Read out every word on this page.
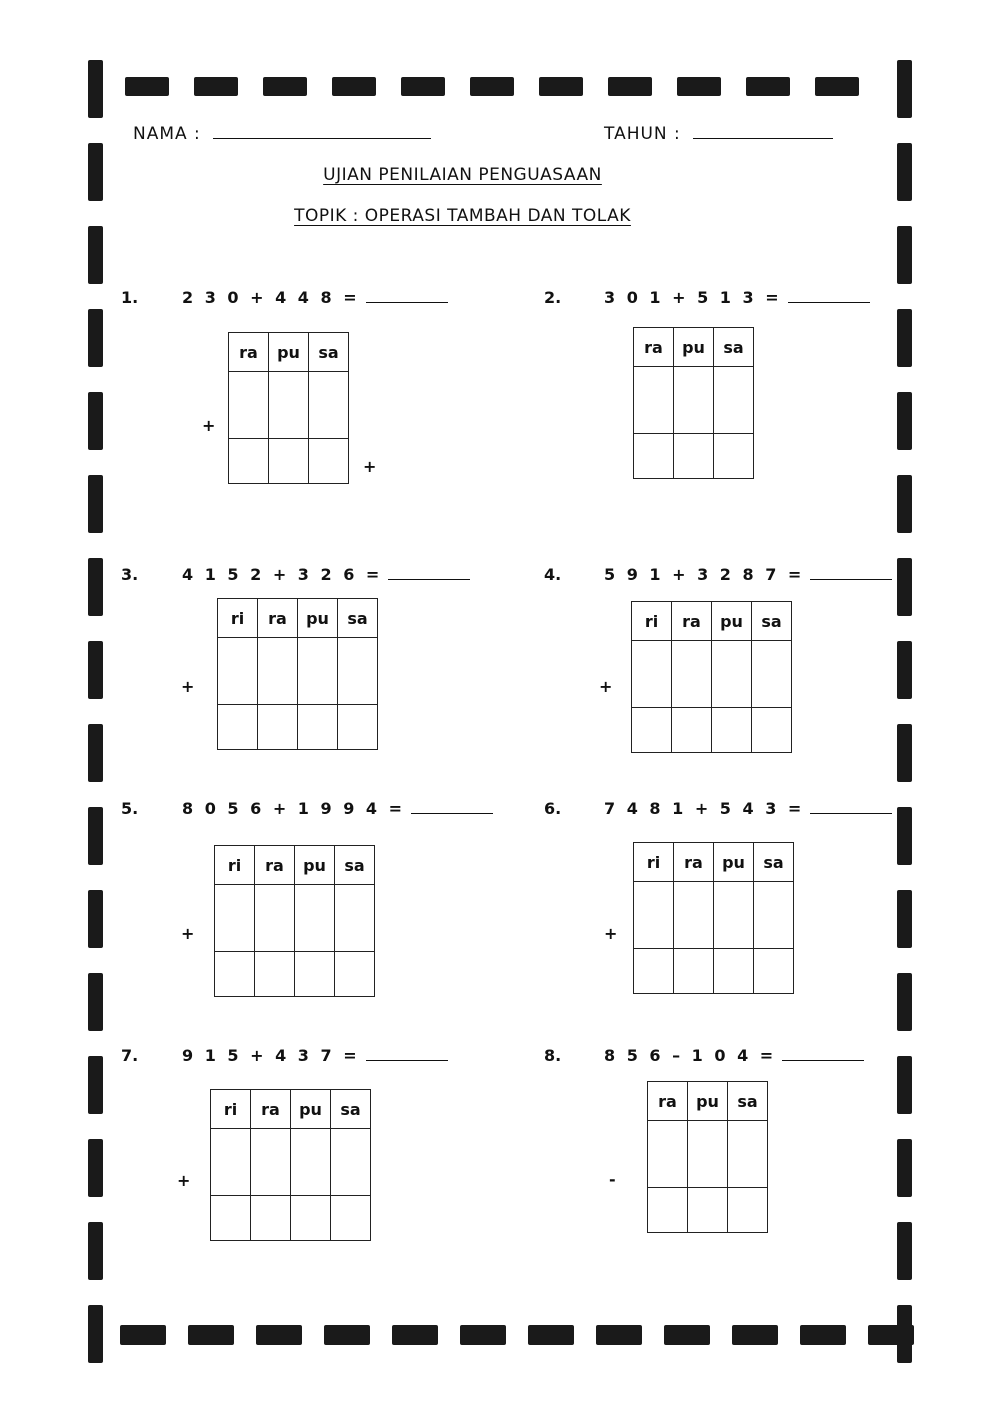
NAMA :	TAHUN :
UJIAN PENILAIAN PENGUASAAN
TOPIK : OPERASI TAMBAH DAN TOLAK
1.	2 3 0 + 4 4 8 =
ra	pu	sa

+
+
2.	3 0 1 + 5 1 3 =
ra	pu	sa

3.	4 1 5 2 + 3 2 6 =
ri	ra	pu	sa

+
4.	5 9 1 + 3 2 8 7 =
ri	ra	pu	sa

+
5.	8 0 5 6 + 1 9 9 4 =
ri	ra	pu	sa

+
6.	7 4 8 1 + 5 4 3 =
ri	ra	pu	sa

+
7.	9 1 5 + 4 3 7 =
ri	ra	pu	sa

+
8.	8 5 6 – 1 0 4 =
ra	pu	sa

-
